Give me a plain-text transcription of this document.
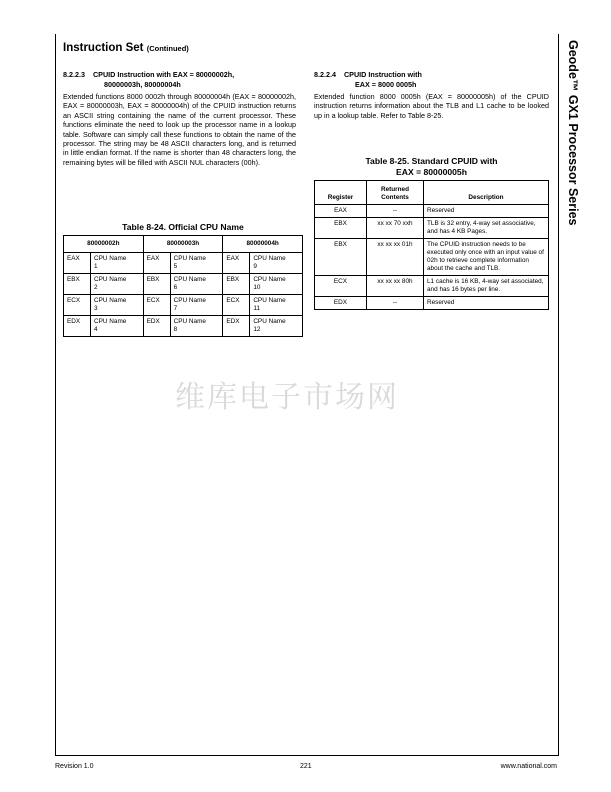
Instruction Set (Continued)	Geode™ GX1 Processor Series
8.2.2.3 CPUID Instruction with EAX = 80000002h,
80000003h, 80000004h
Extended functions 8000 0002h through 80000004h (EAX = 80000002h, EAX = 80000003h, EAX = 80000004h) of the CPUID instruction returns an ASCII string containing the name of the current processor. These functions eliminate the need to look up the processor name in a lookup table. Software can simply call these functions to obtain the name of the processor. The string may be 48 ASCII characters long, and is returned in little endian format. If the name is shorter than 48 characters long, the remaining bytes will be filled with ASCII NUL characters (00h).
Table 8-24. Official CPU Name
80000002h		80000003h		80000004h	
EAX	CPU Name 1	EAX	CPU Name 5	EAX	CPU Name 9

EBX	CPU Name 2	EBX	CPU Name 6	EBX	CPU Name 10

ECX	CPU Name 3	ECX	CPU Name 7	ECX	CPU Name 11

EDX	CPU Name 4	EDX	CPU Name 8	EDX	CPU Name 12
8.2.2.4 CPUID Instruction with
EAX = 8000 0005h
Extended function 8000 0005h (EAX = 80000005h) of the CPUID instruction returns information about the TLB and L1 cache to be looked up in a lookup table. Refer to Table 8-25.
Table 8-25. Standard CPUID with
EAX = 80000005h
Register	Returned Contents	Description
EAX	--	Reserved
EBX	xx xx 70 xxh	TLB is 32 entry, 4-way set associative, and has 4 KB Pages.
EBX	xx xx xx 01h	The CPUID instruction needs to be executed only once with an input value of 02h to retrieve complete information about the cache and TLB.
ECX	xx xx xx 80h	L1 cache is 16 KB, 4-way set associated, and has 16 bytes per line.
EDX	--	Reserved
维库电子市场网
Revision 1.0	221	www.national.com
